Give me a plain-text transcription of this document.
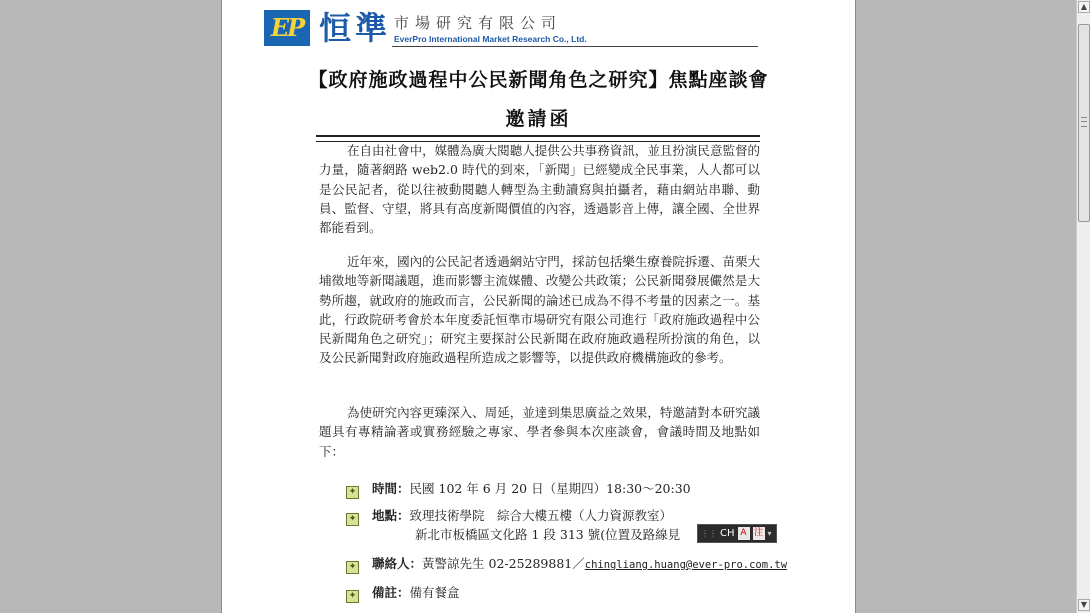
EP 恒準 市場研究有限公司
EverPro International Market Research Co., Ltd.
【政府施政過程中公民新聞角色之研究】焦點座談會
邀請函

在自由社會中，媒體為廣大閱聽人提供公共事務資訊，並且扮演民意監督的力量，隨著網路 web2.0 時代的到來，「新聞」已經變成全民事業，人人都可以是公民記者，從以往被動閱聽人轉型為主動讀寫與拍攝者，藉由網站串聯、動員、監督、守望，將具有高度新聞價值的內容，透過影音上傳，讓全國、全世界都能看到。

近年來，國內的公民記者透過網站守門，採訪包括樂生療養院拆遷、苗栗大埔徵地等新聞議題，進而影響主流媒體、改變公共政策；公民新聞發展儼然是大勢所趨，就政府的施政而言，公民新聞的論述已成為不得不考量的因素之一。基此，行政院研考會於本年度委託恒準市場研究有限公司進行「政府施政過程中公民新聞角色之研究」；研究主要探討公民新聞在政府施政過程所扮演的角色，以及公民新聞對政府施政過程所造成之影響等，以提供政府機構施政的參考。

為使研究內容更臻深入、周延，並達到集思廣益之效果，特邀請對本研究議題具有專精論著或實務經驗之專家、學者參與本次座談會，會議時間及地點如下：

✦ 時間：民國 102 年 6 月 20 日（星期四）18:30～20:30
✦ 地點：致理技術學院　綜合大樓五樓（人力資源教室）
新北市板橋區文化路 1 段 313 號(位置及路線見
✦ 聯絡人：黃警諒先生 02-25289881／chingliang.huang@ever-pro.com.tw
✦ 備註：備有餐盒
⋮⋮ CH A 注 ▾
▲
▼
